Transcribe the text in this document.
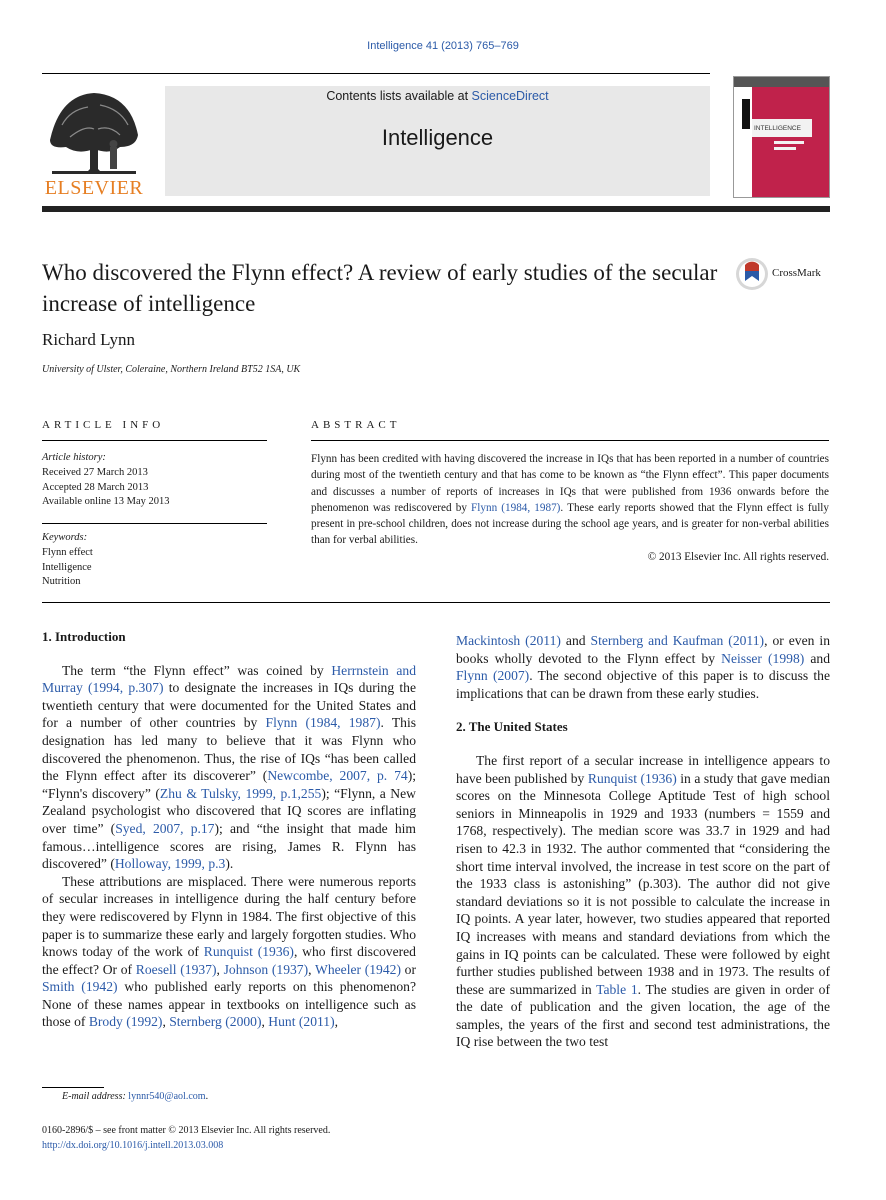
Intelligence 41 (2013) 765–769
ELSEVIER
Contents lists available at ScienceDirect
Intelligence	INTELLIGENCE
Who discovered the Flynn effect? A review of early studies of the secular increase of intelligence
CrossMark
Richard Lynn
University of Ulster, Coleraine, Northern Ireland BT52 1SA, UK
ARTICLE INFO	ABSTRACT
Article history:
Received 27 March 2013
Accepted 28 March 2013
Available online 13 May 2013
Keywords:
Flynn effect
Intelligence
Nutrition
Flynn has been credited with having discovered the increase in IQs that has been reported in a number of countries during most of the twentieth century and that has come to be known as “the Flynn effect”. This paper documents and discusses a number of reports of increases in IQs that were published from 1936 onwards before the phenomenon was rediscovered by Flynn (1984, 1987). These early reports showed that the Flynn effect is fully present in pre-school children, does not increase during the school age years, and is greater for non-verbal abilities than for verbal abilities.
© 2013 Elsevier Inc. All rights reserved.
1. Introduction

The term “the Flynn effect” was coined by Herrnstein and Murray (1994, p.307) to designate the increases in IQs during the twentieth century that were documented for the United States and for a number of other countries by Flynn (1984, 1987). This designation has led many to believe that it was Flynn who discovered the phenomenon. Thus, the rise of IQs “has been called the Flynn effect after its discoverer” (Newcombe, 2007, p. 74); “Flynn's discovery” (Zhu & Tulsky, 1999, p.1,255); “Flynn, a New Zealand psychologist who discovered that IQ scores are inflating over time” (Syed, 2007, p.17); and “the insight that made him famous…intelligence scores are rising, James R. Flynn has discovered” (Holloway, 1999, p.3).

These attributions are misplaced. There were numerous reports of secular increases in intelligence during the half century before they were rediscovered by Flynn in 1984. The first objective of this paper is to summarize these early and largely forgotten studies. Who knows today of the work of Runquist (1936), who first discovered the effect? Or of Roesell (1937), Johnson (1937), Wheeler (1942) or Smith (1942) who published early reports on this phenomenon? None of these names appear in textbooks on intelligence such as those of Brody (1992), Sternberg (2000), Hunt (2011),

Mackintosh (2011) and Sternberg and Kaufman (2011), or even in books wholly devoted to the Flynn effect by Neisser (1998) and Flynn (2007). The second objective of this paper is to discuss the implications that can be drawn from these early studies.

2. The United States

The first report of a secular increase in intelligence appears to have been published by Runquist (1936) in a study that gave median scores on the Minnesota College Aptitude Test of high school seniors in Minneapolis in 1929 and 1933 (numbers = 1559 and 1768, respectively). The median score was 33.7 in 1929 and had risen to 42.3 in 1932. The author commented that “considering the short time interval involved, the increase in test score on the part of the 1933 class is astonishing” (p.303). The author did not give standard deviations so it is not possible to calculate the increase in IQ points. A year later, however, two studies appeared that reported IQ increases with means and standard deviations from which the gains in IQ points can be calculated. These were followed by eight further studies published between 1938 and in 1973. The results of these are summarized in Table 1. The studies are given in order of the date of publication and the given location, the age of the samples, the years of the first and second test administrations, the IQ rise between the two test

E-mail address: lynnr540@aol.com.
0160-2896/$ – see front matter © 2013 Elsevier Inc. All rights reserved.
http://dx.doi.org/10.1016/j.intell.2013.03.008
